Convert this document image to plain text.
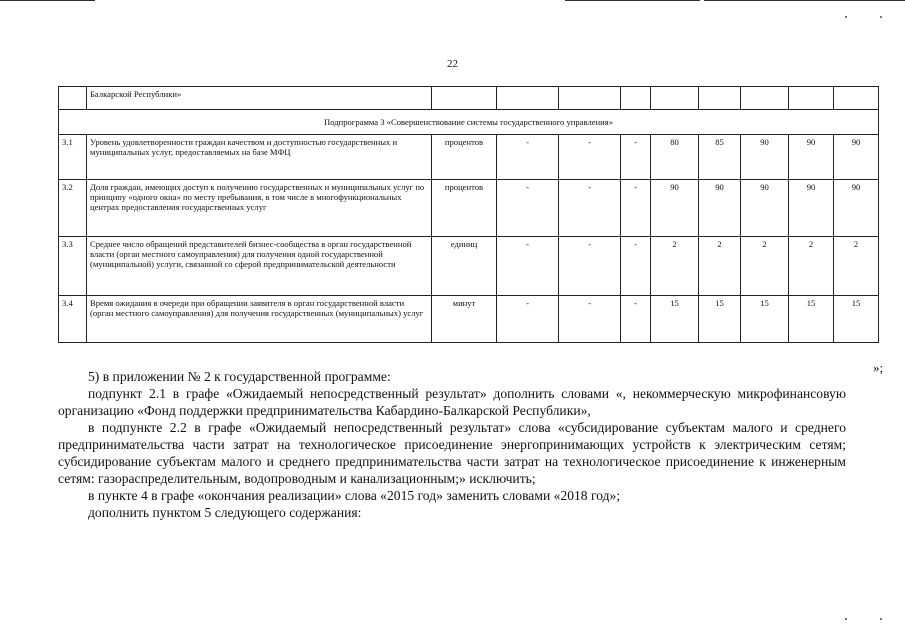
22
	Балкарской Республики»									
Подпрограмма 3 «Совершенствование системы государственного управления»										
3.1	Уровень удовлетворенности граждан качеством и доступностью государственных и муниципальных услуг, предоставляемых на базе МФЦ	процентов	-	-	-	80	85	90	90	90
3.2	Доля граждан, имеющих доступ к получению государственных и муниципальных услуг по принципу «одного окна» по месту пребывания, в том числе в многофункциональных центрах предоставления государственных услуг	процентов	-	-	-	90	90	90	90	90
3.3	Среднее число обращений представителей бизнес-сообщества в орган государственной власти (орган местного самоуправления) для получения одной государственной (муниципальной) услуги, связанной со сферой предпринимательской деятельности	единиц	-	-	-	2	2	2	2	2
3.4	Время ожидания в очереди при обращении заявителя в орган государственной власти (орган местного самоуправления) для получения государственных (муниципальных) услуг	минут	-	-	-	15	15	15	15	15
»;

5) в приложении № 2 к государственной программе:

подпункт 2.1 в графе «Ожидаемый непосредственный результат» дополнить словами «, некоммерческую микрофинансовую организацию «Фонд поддержки предпринимательства Кабардино-Балкарской Республики»,

в подпункте 2.2 в графе «Ожидаемый непосредственный результат» слова «субсидирование субъектам малого и среднего предпринимательства части затрат на технологическое присоединение энергопринимающих устройств к электрическим сетям; субсидирование субъектам малого и среднего предпринимательства части затрат на технологическое присоединение к инженерным сетям: газораспределительным, водопроводным и канализационным;» исключить;

в пункте 4 в графе «окончания реализации» слова «2015 год» заменить словами «2018 год»;

дополнить пунктом 5 следующего содержания:
